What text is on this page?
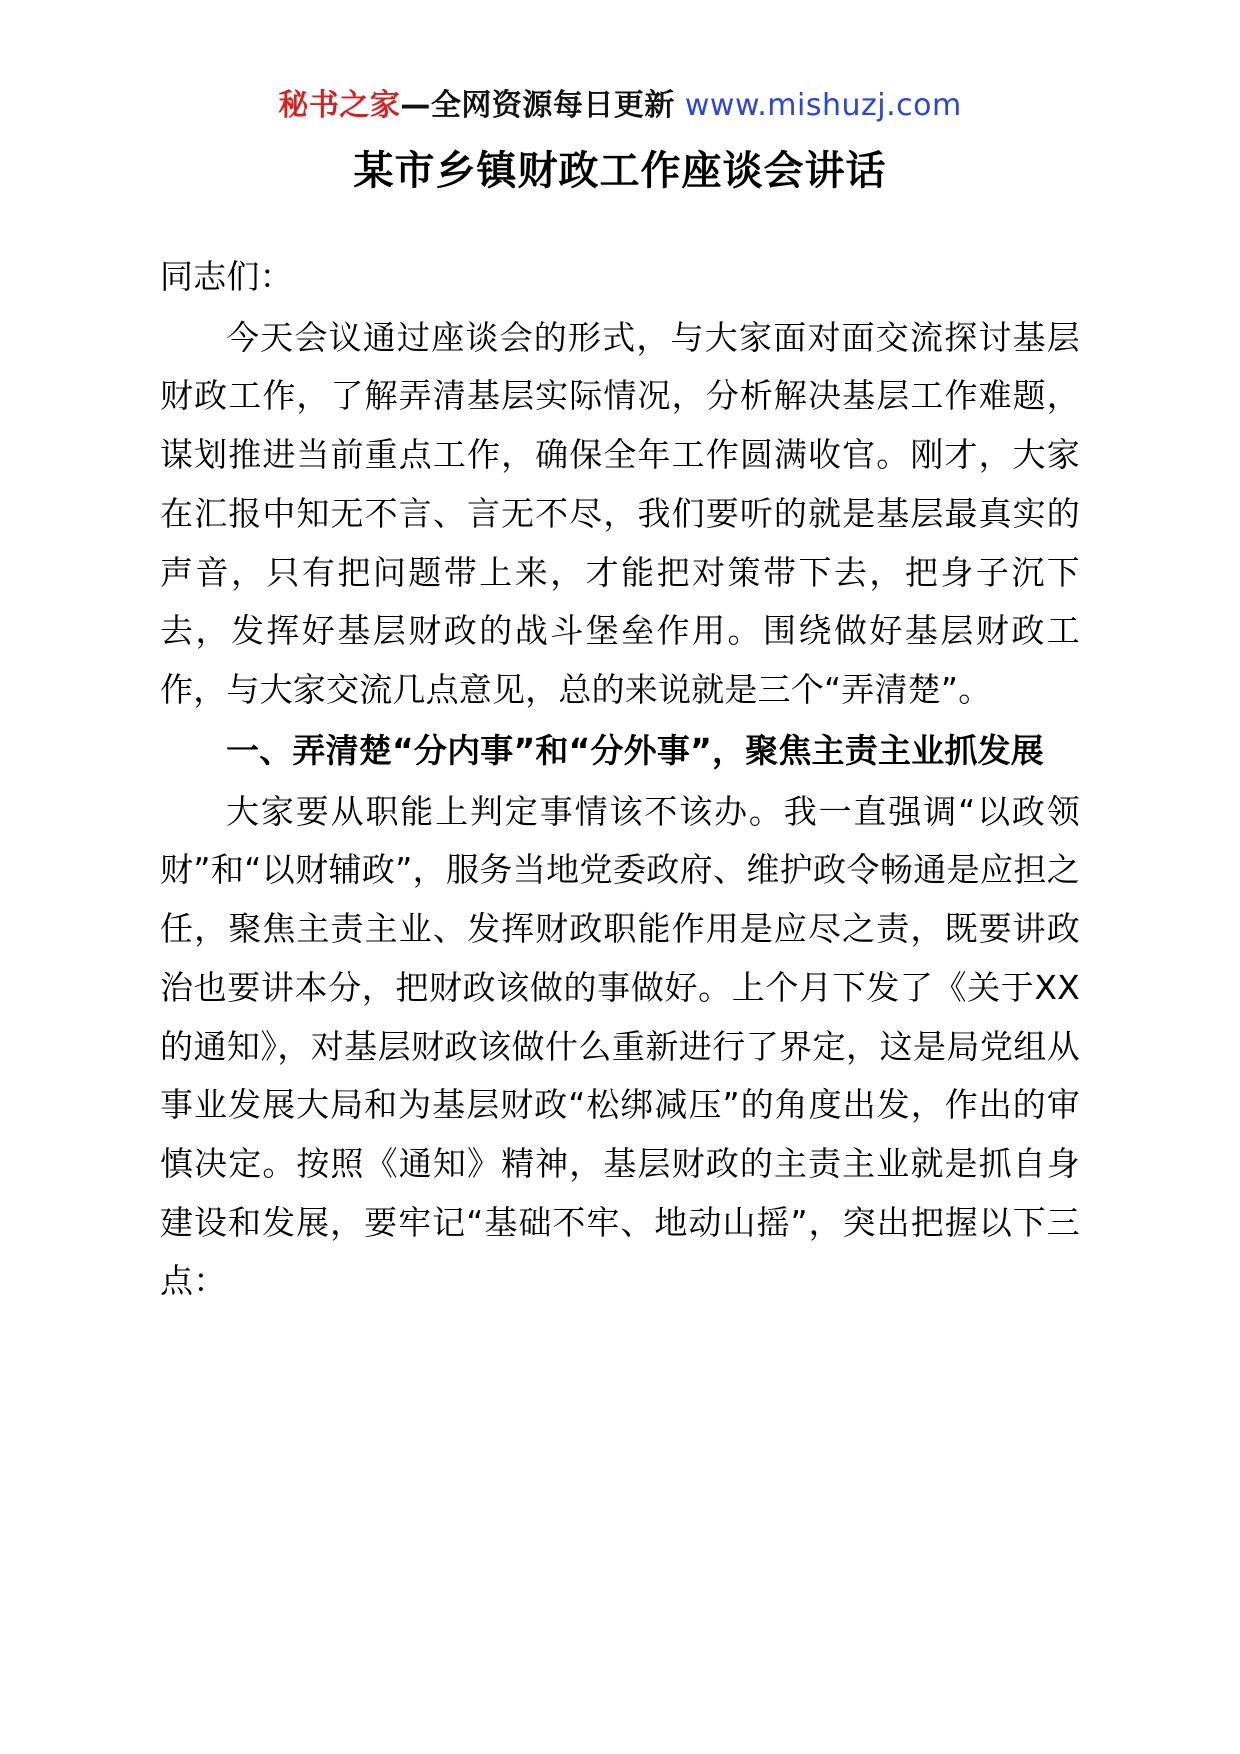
秘书之家—全网资源每日更新 www.mishuzj.com
某市乡镇财政工作座谈会讲话

同志们：

今天会议通过座谈会的形式，与大家面对面交流探讨基层财政工作，了解弄清基层实际情况，分析解决基层工作难题，谋划推进当前重点工作，确保全年工作圆满收官。刚才，大家在汇报中知无不言、言无不尽，我们要听的就是基层最真实的声音，只有把问题带上来，才能把对策带下去，把身子沉下去，发挥好基层财政的战斗堡垒作用。围绕做好基层财政工作，与大家交流几点意见，总的来说就是三个“弄清楚”。

一、弄清楚“分内事”和“分外事”，聚焦主责主业抓发展

大家要从职能上判定事情该不该办。我一直强调“以政领财”和“以财辅政”，服务当地党委政府、维护政令畅通是应担之任，聚焦主责主业、发挥财政职能作用是应尽之责，既要讲政治也要讲本分，把财政该做的事做好。上个月下发了《关于XX的通知》，对基层财政该做什么重新进行了界定，这是局党组从事业发展大局和为基层财政“松绑减压”的角度出发，作出的审慎决定。按照《通知》精神，基层财政的主责主业就是抓自身建设和发展，要牢记“基础不牢、地动山摇”，突出把握以下三点：
